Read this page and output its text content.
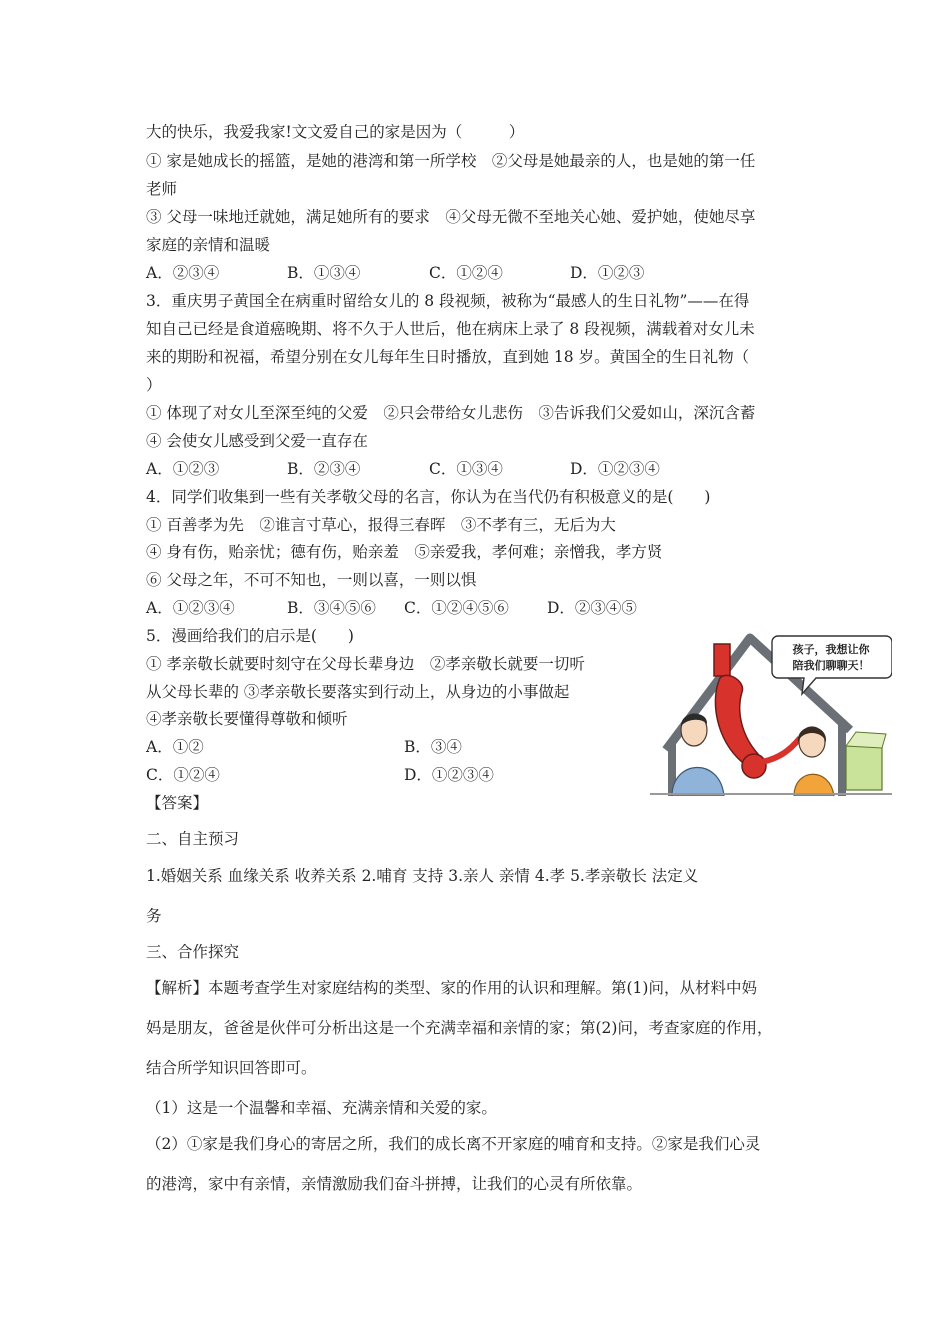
大的快乐，我爱我家!文文爱自己的家是因为（　　　）
① 家是她成长的摇篮，是她的港湾和第一所学校　②父母是她最亲的人，也是她的第一任
老师
③ 父母一味地迁就她，满足她所有的要求　④父母无微不至地关心她、爱护她，使她尽享
家庭的亲情和温暖
A．②③④	B．①③④	C．①②④	D．①②③
3．重庆男子黄国全在病重时留给女儿的 8 段视频，被称为“最感人的生日礼物”——在得
知自己已经是食道癌晚期、将不久于人世后，他在病床上录了 8 段视频，满载着对女儿未
来的期盼和祝福，希望分别在女儿每年生日时播放，直到她 18 岁。黄国全的生日礼物（
）
① 体现了对女儿至深至纯的父爱　②只会带给女儿悲伤　③告诉我们父爱如山，深沉含蓄
④ 会使女儿感受到父爱一直存在
A．①②③	B．②③④	C．①③④	D．①②③④
4．同学们收集到一些有关孝敬父母的名言，你认为在当代仍有积极意义的是(　　)
① 百善孝为先　②谁言寸草心，报得三春晖　③不孝有三，无后为大
④ 身有伤，贻亲忧；德有伤，贻亲羞　⑤亲爱我，孝何难；亲憎我，孝方贤
⑥ 父母之年，不可不知也，一则以喜，一则以惧
A．①②③④	B．③④⑤⑥ C．①②④⑤⑥ D．②③④⑤
5．漫画给我们的启示是(　　)
① 孝亲敬长就要时刻守在父母长辈身边　②孝亲敬长就要一切听
从父母长辈的 ③孝亲敬长要落实到行动上，从身边的小事做起
④孝亲敬长要懂得尊敬和倾听
A．①②	B．③④
C．①②④	D．①②③④
孩子，我想让你
陪我们聊聊天！
【答案】
二、自主预习
1.婚姻关系 血缘关系 收养关系 2.哺育 支持 3.亲人 亲情 4.孝 5.孝亲敬长 法定义
务
三、合作探究
【解析】本题考查学生对家庭结构的类型、家的作用的认识和理解。第(1)问，从材料中妈
妈是朋友，爸爸是伙伴可分析出这是一个充满幸福和亲情的家；第(2)问，考查家庭的作用，
结合所学知识回答即可。
（1）这是一个温馨和幸福、充满亲情和关爱的家。
（2）①家是我们身心的寄居之所，我们的成长离不开家庭的哺育和支持。②家是我们心灵
的港湾，家中有亲情，亲情激励我们奋斗拼搏，让我们的心灵有所依靠。
